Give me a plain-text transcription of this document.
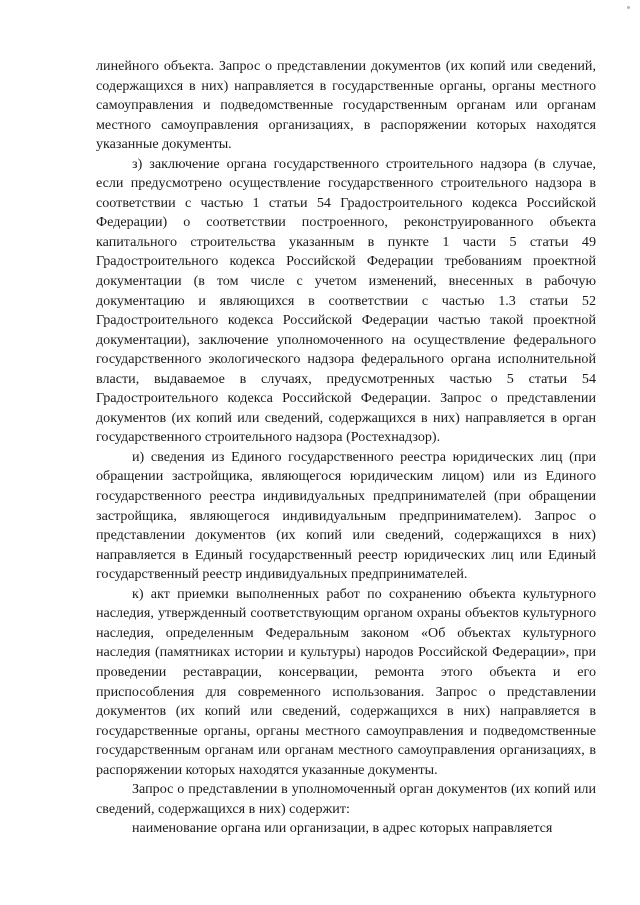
линейного объекта. Запрос о представлении документов (их копий или сведений, содержащихся в них) направляется в государственные органы, органы местного самоуправления и подведомственные государственным органам или органам местного самоуправления организациях, в распоряжении которых находятся указанные документы.

з) заключение органа государственного строительного надзора (в случае, если предусмотрено осуществление государственного строительного надзора в соответствии с частью 1 статьи 54 Градостроительного кодекса Российской Федерации) о соответствии построенного, реконструированного объекта капитального строительства указанным в пункте 1 части 5 статьи 49 Градостроительного кодекса Российской Федерации требованиям проектной документации (в том числе с учетом изменений, внесенных в рабочую документацию и являющихся в соответствии с частью 1.3 статьи 52 Градостроительного кодекса Российской Федерации частью такой проектной документации), заключение уполномоченного на осуществление федерального государственного экологического надзора федерального органа исполнительной власти, выдаваемое в случаях, предусмотренных частью 5 статьи 54 Градостроительного кодекса Российской Федерации. Запрос о представлении документов (их копий или сведений, содержащихся в них) направляется в орган государственного строительного надзора (Ростехнадзор).

и) сведения из Единого государственного реестра юридических лиц (при обращении застройщика, являющегося юридическим лицом) или из Единого государственного реестра индивидуальных предпринимателей (при обращении застройщика, являющегося индивидуальным предпринимателем). Запрос о представлении документов (их копий или сведений, содержащихся в них) направляется в Единый государственный реестр юридических лиц или Единый государственный реестр индивидуальных предпринимателей.

к) акт приемки выполненных работ по сохранению объекта культурного наследия, утвержденный соответствующим органом охраны объектов культурного наследия, определенным Федеральным законом «Об объектах культурного наследия (памятниках истории и культуры) народов Российской Федерации», при проведении реставрации, консервации, ремонта этого объекта и его приспособления для современного использования. Запрос о представлении документов (их копий или сведений, содержащихся в них) направляется в государственные органы, органы местного самоуправления и подведомственные государственным органам или органам местного самоуправления организациях, в распоряжении которых находятся указанные документы.

Запрос о представлении в уполномоченный орган документов (их копий или сведений, содержащихся в них) содержит:

наименование органа или организации, в адрес которых направляется
